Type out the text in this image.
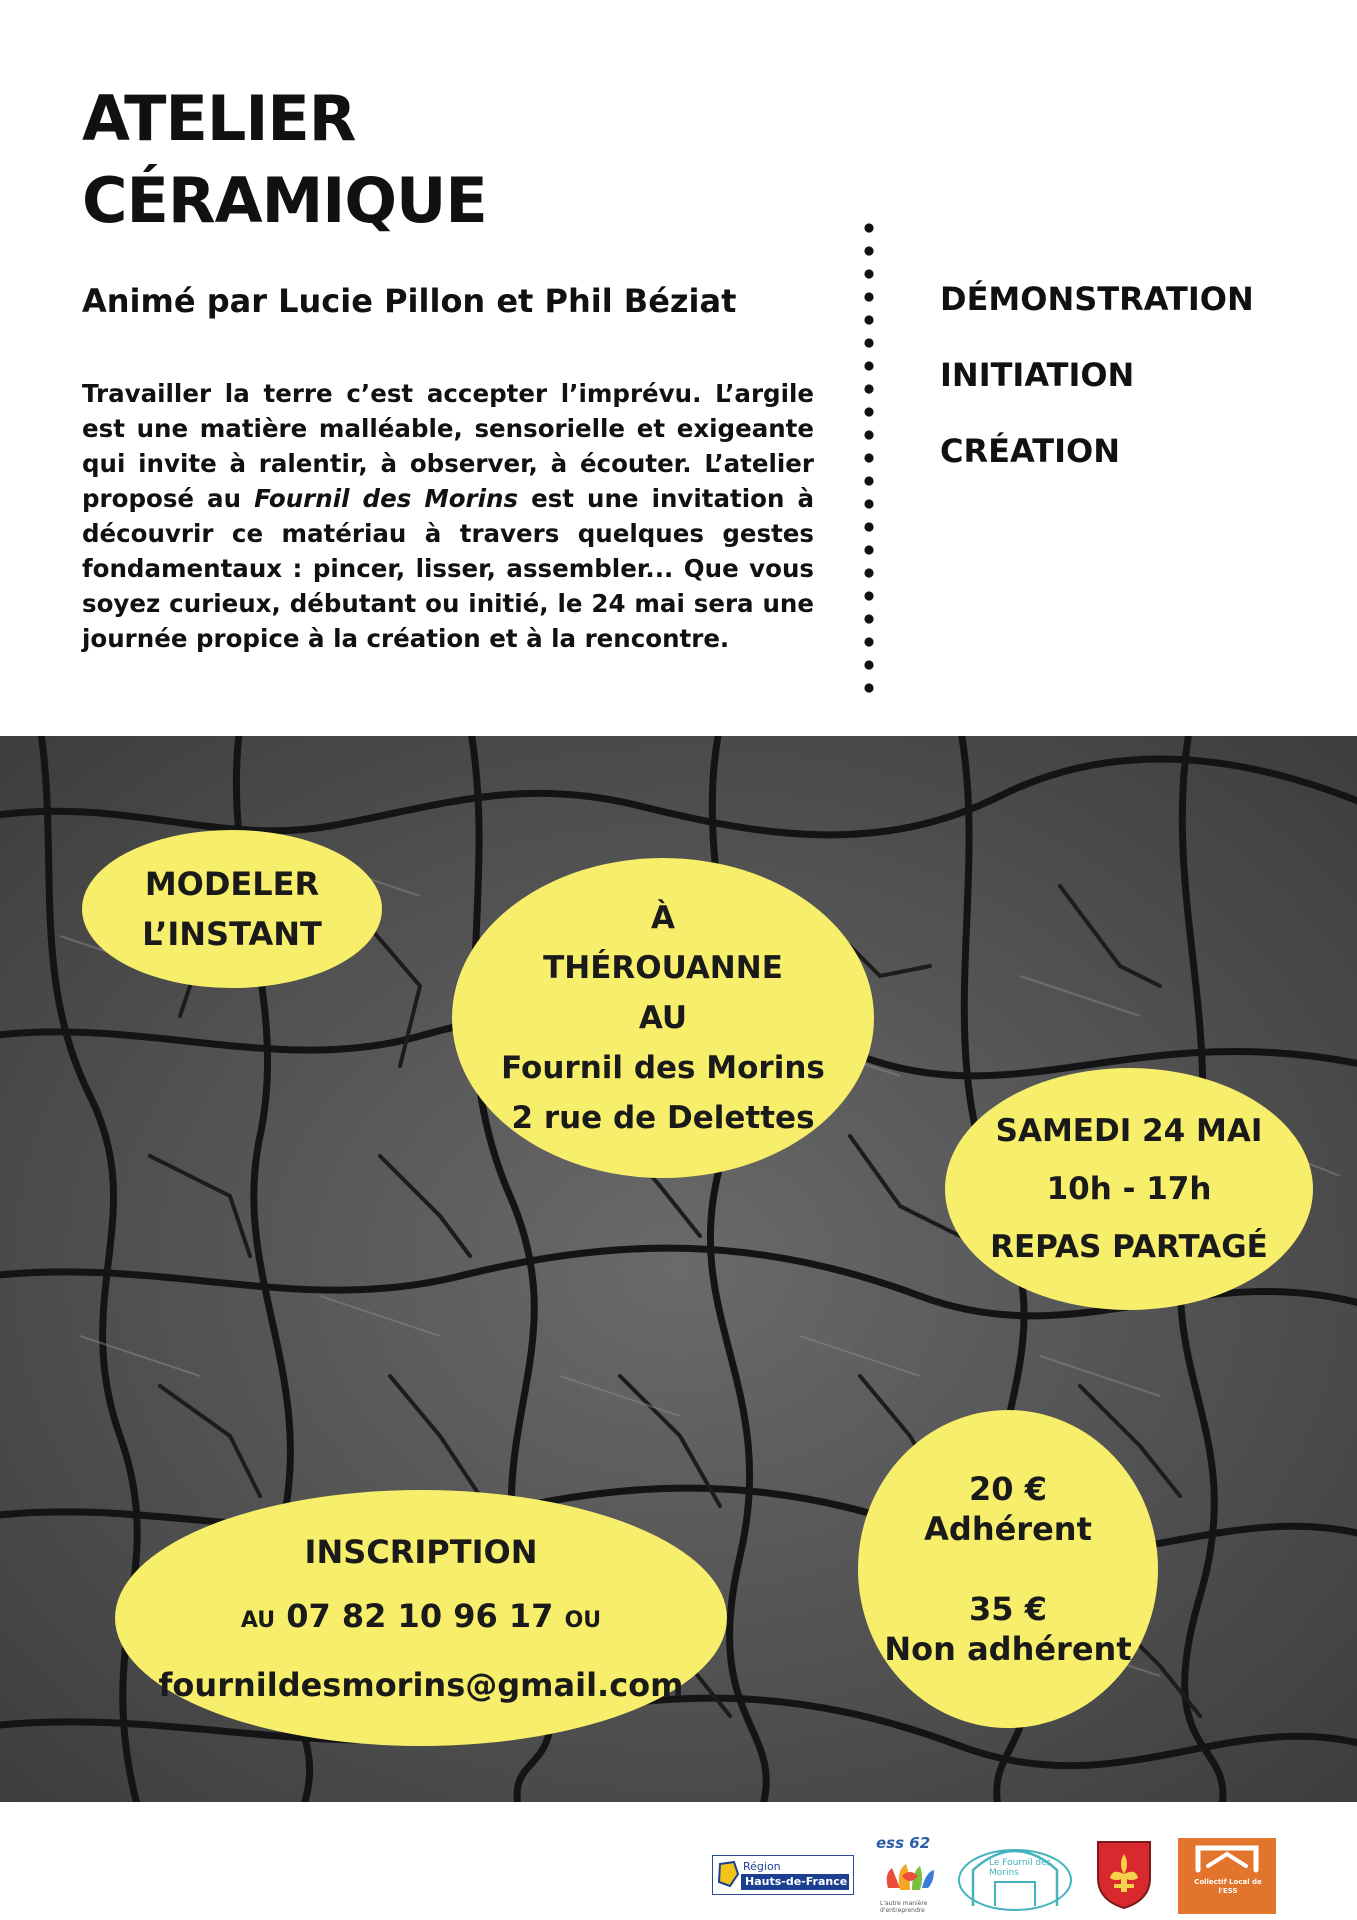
ATELIER
CÉRAMIQUE
Animé par Lucie Pillon et Phil Béziat
Travailler la terre c’est accepter l’imprévu. L’argile est une matière malléable, sensorielle et exigeante qui invite à ralentir, à observer, à écouter. L’atelier proposé au Fournil des Morins est une invitation à découvrir ce matériau à travers quelques gestes fondamentaux : pincer, lisser, assembler... Que vous soyez curieux, débutant ou initié, le 24 mai sera une journée propice à la création et à la rencontre.
DÉMONSTRATION
INITIATION
CRÉATION
MODELER
L’INSTANT	À
THÉROUANNE
AU
Fournil des Morins
2 rue de Delettes	SAMEDI 24 MAI
10h - 17h
REPAS PARTAGÉ
20 €
Adhérent
35 €
Non adhérent
INSCRIPTION
AU 07 82 10 96 17 OU
fournildesmorins@gmail.com
Région
Hauts-de-France
ess 62
L'autre manière d'entreprendre
Le Fournil des Morins
Collectif Local de l'ESS
